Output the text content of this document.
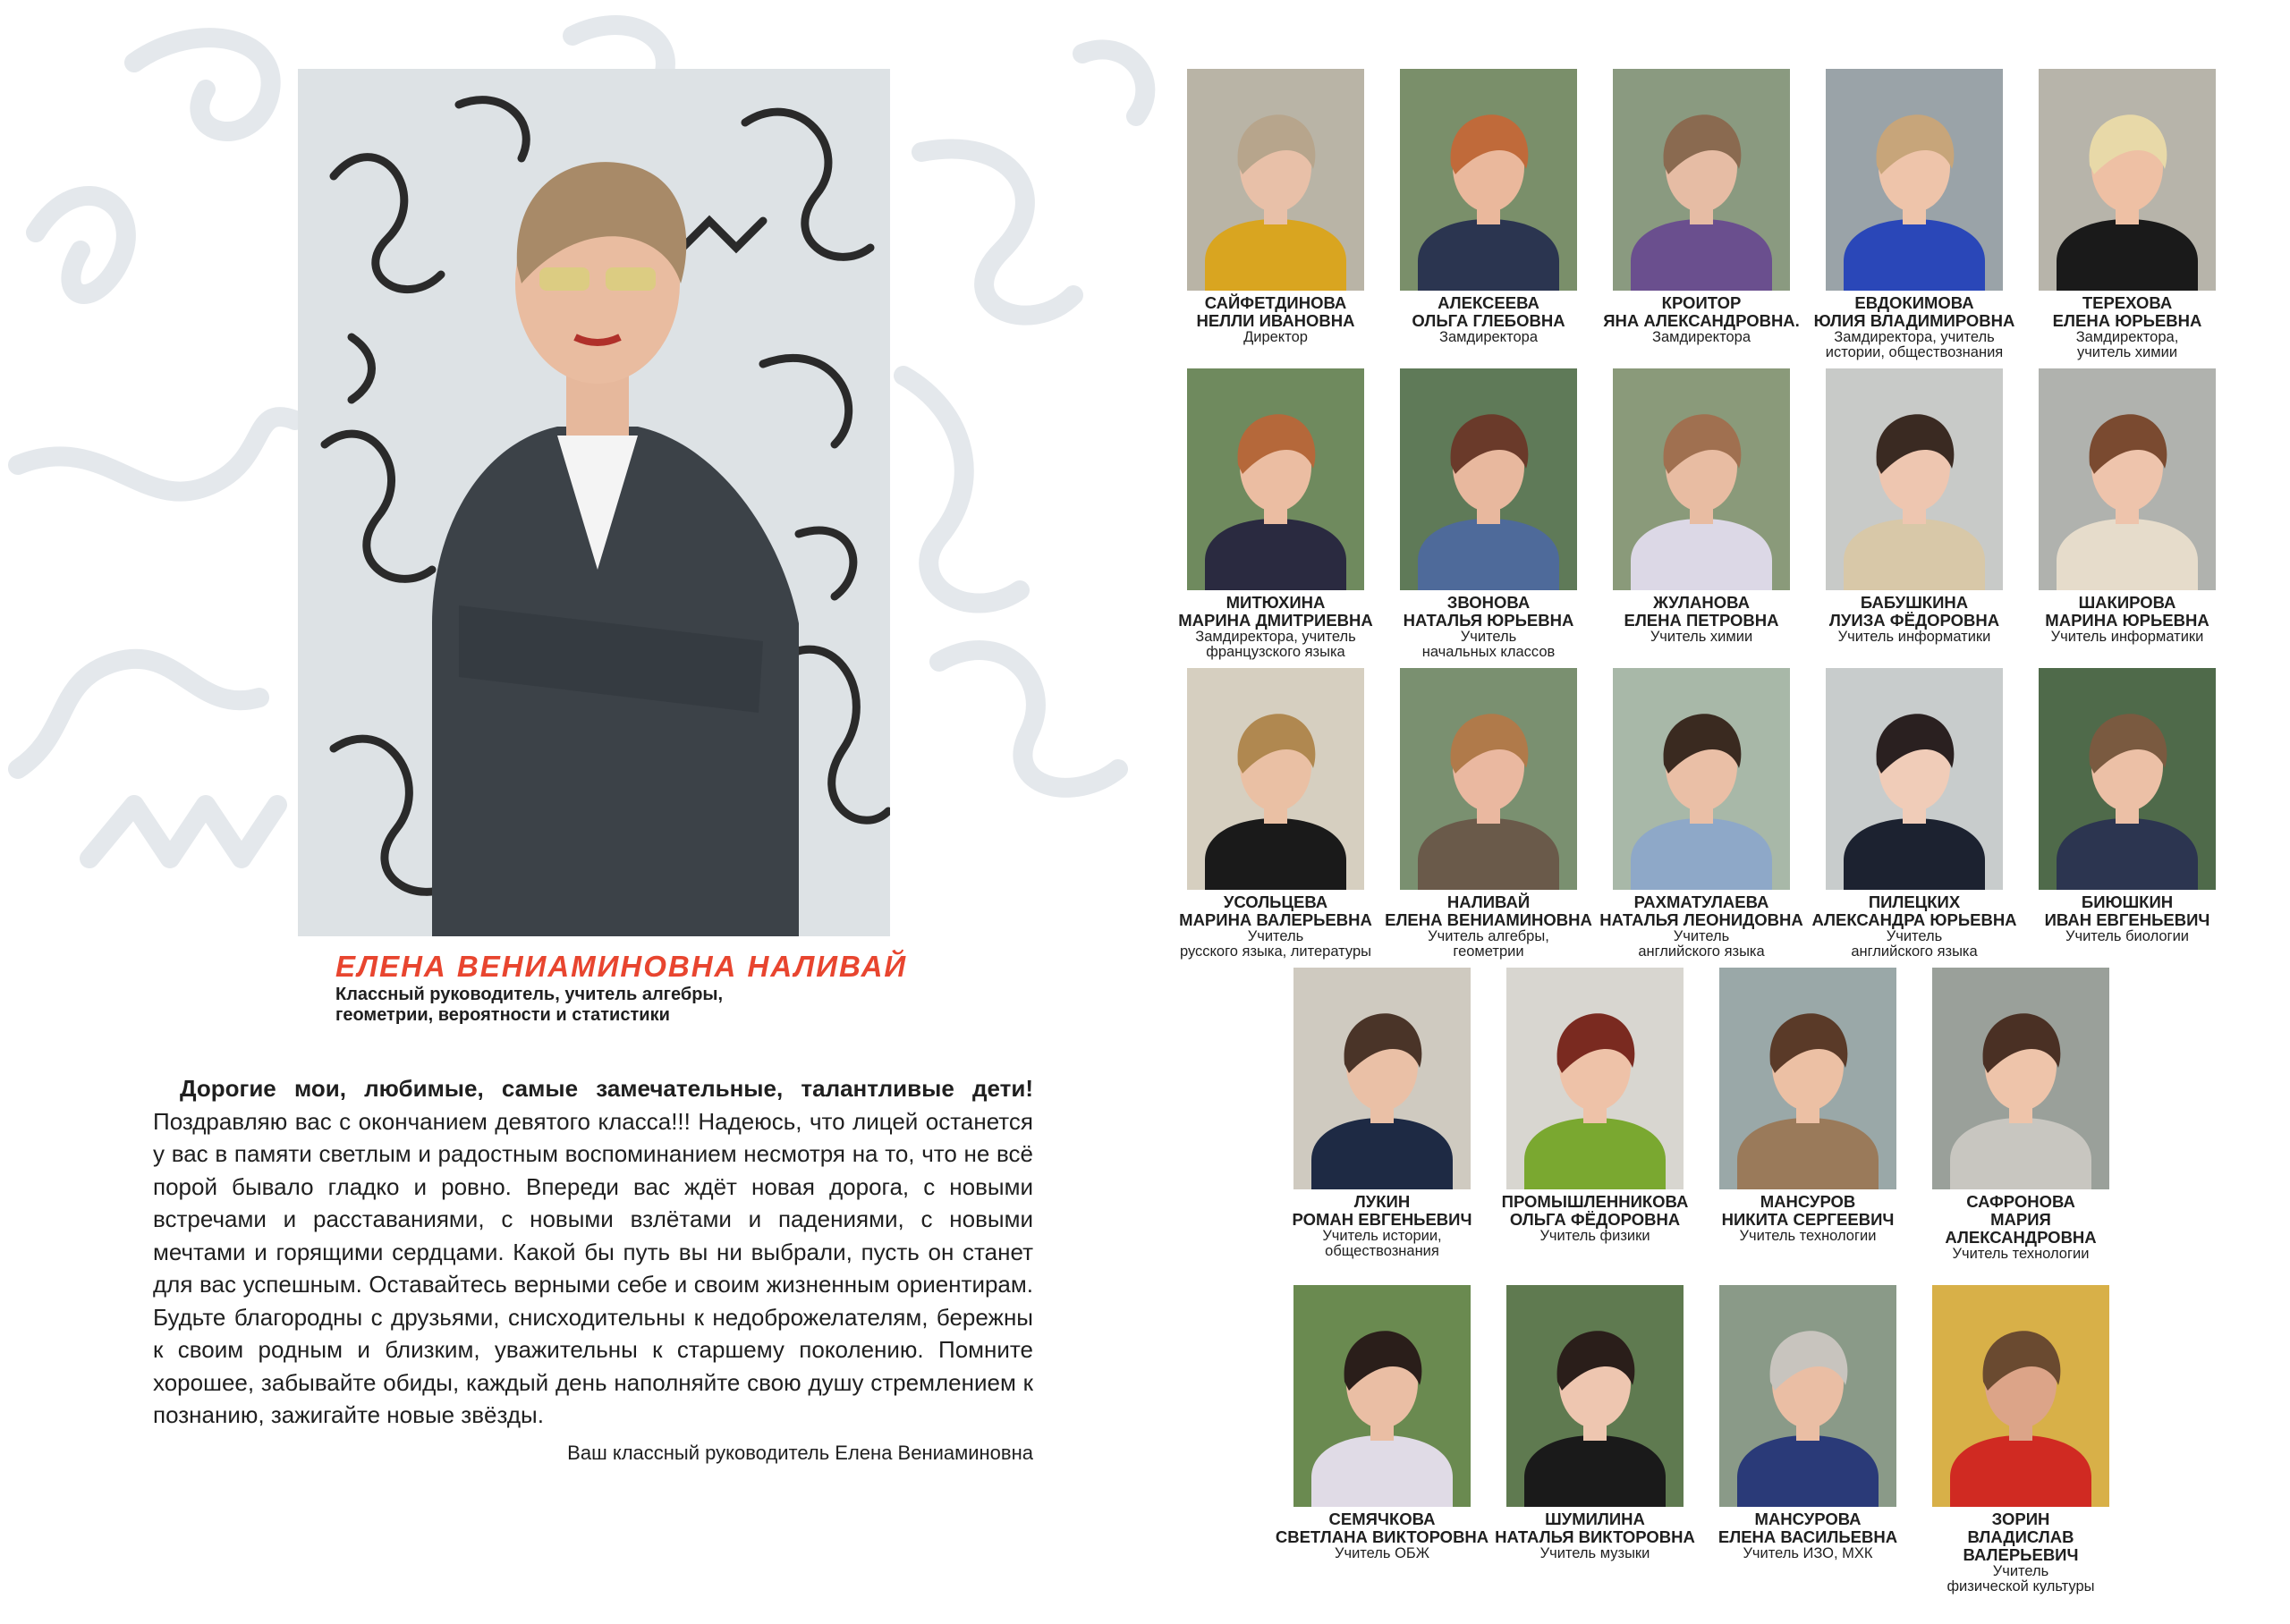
ЕЛЕНА ВЕНИАМИНОВНА НАЛИВАЙ
Классный руководитель, учитель алгебры,
геометрии, вероятности и статистики

Дорогие мои, любимые, самые замечательные, талантливые дети! Поздравляю вас с окончанием девятого класса!!! Надеюсь, что лицей останется у вас в памяти светлым и радостным воспоминанием несмотря на то, что не всё порой бывало гладко и ровно. Впереди вас ждёт новая дорога, с новыми встречами и расставаниями, с новыми взлётами и падениями, с новыми мечтами и горящими сердцами. Какой бы путь вы ни выбрали, пусть он станет для вас успешным. Оставайтесь верными себе и своим жизненным ориентирам. Будьте благородны с друзьями, снисходительны к недоброжелателям, бережны к своим родным и близким, уважительны к старшему поколению. Помните хорошее, забывайте обиды, каждый день наполняйте свою душу стремлением к познанию, зажигайте новые звёзды.

Ваш классный руководитель Елена Вениаминовна
САЙФЕТДИНОВА
НЕЛЛИ ИВАНОВНА
Директор
АЛЕКСЕЕВА
ОЛЬГА ГЛЕБОВНА
Замдиректора
КРОИТОР
ЯНА АЛЕКСАНДРОВНА.
Замдиректора
ЕВДОКИМОВА
ЮЛИЯ ВЛАДИМИРОВНА
Замдиректора, учитель
истории, обществознания
ТЕРЕХОВА
ЕЛЕНА ЮРЬЕВНА
Замдиректора,
учитель химии
МИТЮХИНА
МАРИНА ДМИТРИЕВНА
Замдиректора, учитель
французского языка
ЗВОНОВА
НАТАЛЬЯ ЮРЬЕВНА
Учитель
начальных классов
ЖУЛАНОВА
ЕЛЕНА ПЕТРОВНА
Учитель химии
БАБУШКИНА
ЛУИЗА ФЁДОРОВНА
Учитель информатики
ШАКИРОВА
МАРИНА ЮРЬЕВНА
Учитель информатики
УСОЛЬЦЕВА
МАРИНА ВАЛЕРЬЕВНА
Учитель
русского языка, литературы
НАЛИВАЙ
ЕЛЕНА ВЕНИАМИНОВНА
Учитель алгебры,
геометрии
РАХМАТУЛАЕВА
НАТАЛЬЯ ЛЕОНИДОВНА
Учитель
английского языка
ПИЛЕЦКИХ
АЛЕКСАНДРА ЮРЬЕВНА
Учитель
английского языка
БИЮШКИН
ИВАН ЕВГЕНЬЕВИЧ
Учитель биологии
ЛУКИН
РОМАН ЕВГЕНЬЕВИЧ
Учитель истории,
обществознания
ПРОМЫШЛЕННИКОВА
ОЛЬГА ФЁДОРОВНА
Учитель физики
МАНСУРОВ
НИКИТА СЕРГЕЕВИЧ
Учитель технологии
САФРОНОВА
МАРИЯ АЛЕКСАНДРОВНА
Учитель технологии
СЕМЯЧКОВА
СВЕТЛАНА ВИКТОРОВНА
Учитель ОБЖ
ШУМИЛИНА
НАТАЛЬЯ ВИКТОРОВНА
Учитель музыки
МАНСУРОВА
ЕЛЕНА ВАСИЛЬЕВНА
Учитель ИЗО, МХК
ЗОРИН
ВЛАДИСЛАВ ВАЛЕРЬЕВИЧ
Учитель
физической культуры
